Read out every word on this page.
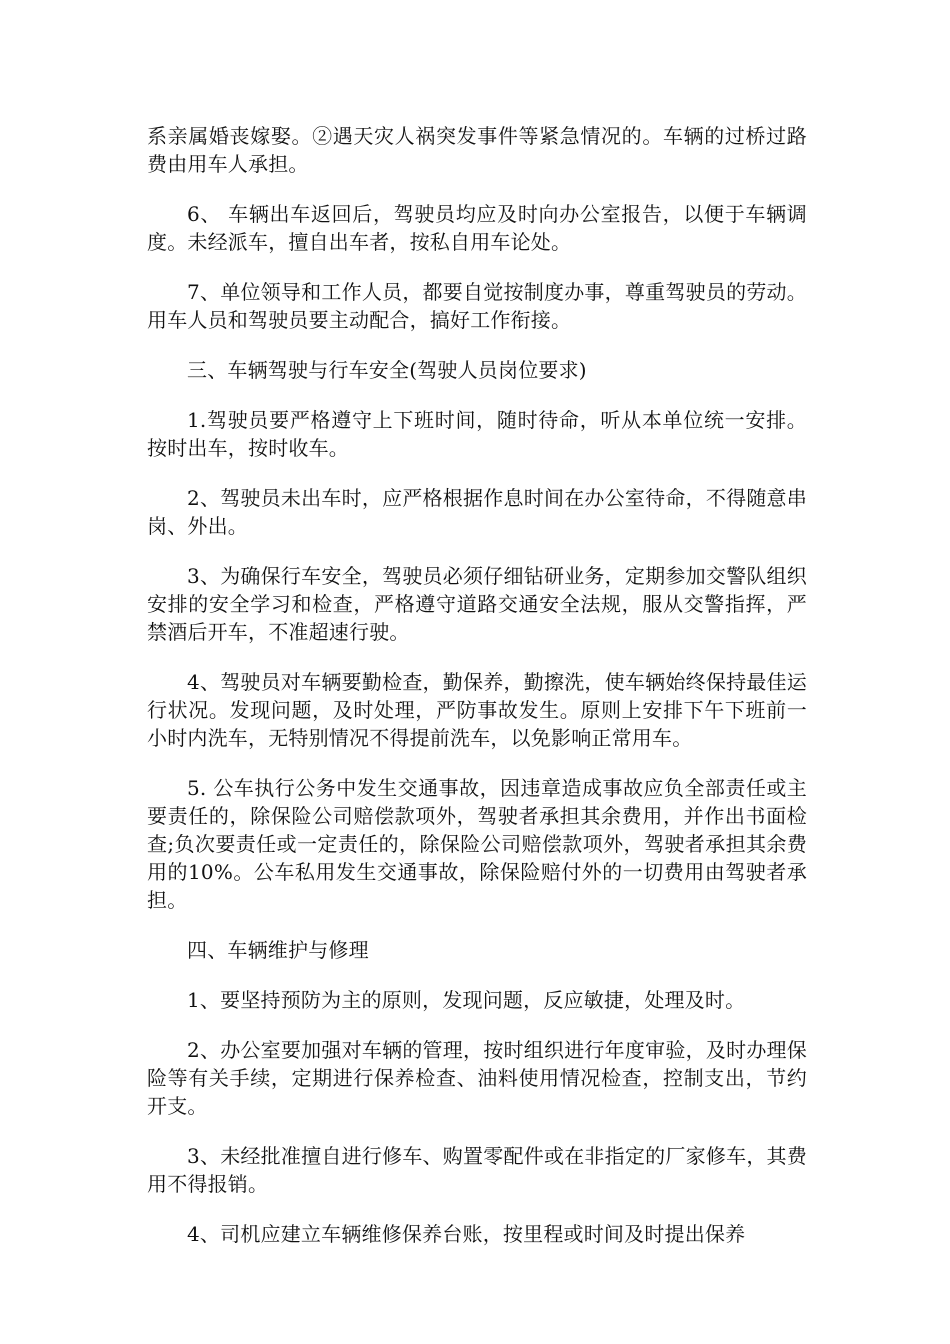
系亲属婚丧嫁娶。②遇天灾人祸突发事件等紧急情况的。车辆的过桥过路费由用车人承担。

6、 车辆出车返回后，驾驶员均应及时向办公室报告，以便于车辆调度。未经派车，擅自出车者，按私自用车论处。

7、单位领导和工作人员，都要自觉按制度办事，尊重驾驶员的劳动。用车人员和驾驶员要主动配合，搞好工作衔接。

三、车辆驾驶与行车安全(驾驶人员岗位要求)

1.驾驶员要严格遵守上下班时间，随时待命，听从本单位统一安排。按时出车，按时收车。

2、驾驶员未出车时，应严格根据作息时间在办公室待命，不得随意串岗、外出。

3、为确保行车安全，驾驶员必须仔细钻研业务，定期参加交警队组织安排的安全学习和检查，严格遵守道路交通安全法规，服从交警指挥，严禁酒后开车，不准超速行驶。

4、驾驶员对车辆要勤检查，勤保养，勤擦洗，使车辆始终保持最佳运行状况。发现问题，及时处理，严防事故发生。原则上安排下午下班前一小时内洗车，无特别情况不得提前洗车，以免影响正常用车。

5. 公车执行公务中发生交通事故，因违章造成事故应负全部责任或主要责任的，除保险公司赔偿款项外，驾驶者承担其余费用，并作出书面检查;负次要责任或一定责任的，除保险公司赔偿款项外，驾驶者承担其余费用的10%。公车私用发生交通事故，除保险赔付外的一切费用由驾驶者承担。

四、车辆维护与修理

1、要坚持预防为主的原则，发现问题，反应敏捷，处理及时。

2、办公室要加强对车辆的管理，按时组织进行年度审验，及时办理保险等有关手续，定期进行保养检查、油料使用情况检查，控制支出，节约开支。

3、未经批准擅自进行修车、购置零配件或在非指定的厂家修车，其费用不得报销。

4、司机应建立车辆维修保养台账，按里程或时间及时提出保养
